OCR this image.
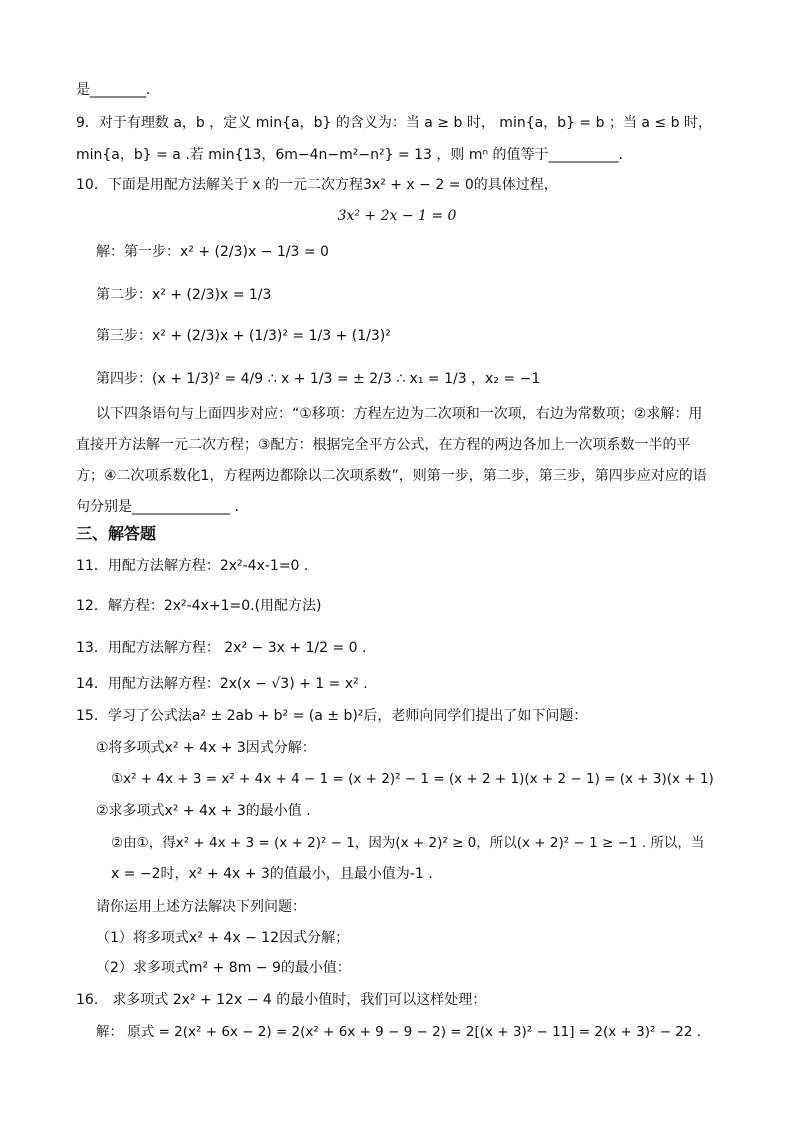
是________．
9．对于有理数 a，b ，定义 min{a，b} 的含义为：当 a ≥ b 时， min{a，b} = b ；当 a ≤ b 时，
min{a，b} = a .若 min{13，6m−4n−m²−n²} = 13 ，则 mⁿ 的值等于__________.
10．下面是用配方法解关于 x 的一元二次方程3x² + x − 2 = 0的具体过程，
3x² + 2x − 1 = 0
解：第一步：x² + (2/3)x − 1/3 = 0
第二步：x² + (2/3)x = 1/3
第三步：x² + (2/3)x + (1/3)² = 1/3 + (1/3)²
第四步：(x + 1/3)² = 4/9 ∴ x + 1/3 = ± 2/3 ∴ x₁ = 1/3 ，x₂ = −1
以下四条语句与上面四步对应：“①移项：方程左边为二次项和一次项，右边为常数项；②求解：用
直接开方法解一元二次方程；③配方：根据完全平方公式，在方程的两边各加上一次项系数一半的平
方；④二次项系数化1，方程两边都除以二次项系数”，则第一步，第二步，第三步，第四步应对应的语
句分别是______________ .
三、解答题
11．用配方法解方程：2x²-4x-1=0 .
12．解方程：2x²-4x+1=0.(用配方法)
13．用配方法解方程： 2x² − 3x + 1/2 = 0 .
14．用配方法解方程：2x(x − √3) + 1 = x² .
15．学习了公式法a² ± 2ab + b² = (a ± b)²后，老师向同学们提出了如下问题：
①将多项式x² + 4x + 3因式分解：
①x² + 4x + 3 = x² + 4x + 4 − 1 = (x + 2)² − 1 = (x + 2 + 1)(x + 2 − 1) = (x + 3)(x + 1)
②求多项式x² + 4x + 3的最小值 .
②由①，得x² + 4x + 3 = (x + 2)² − 1，因为(x + 2)² ≥ 0，所以(x + 2)² − 1 ≥ −1 . 所以，当
x = −2时，x² + 4x + 3的值最小，且最小值为-1 .
请你运用上述方法解决下列问题：
（1）将多项式x² + 4x − 12因式分解；
（2）求多项式m² + 8m − 9的最小值：
16． 求多项式 2x² + 12x − 4 的最小值时，我们可以这样处理：
解： 原式 = 2(x² + 6x − 2) = 2(x² + 6x + 9 − 9 − 2) = 2[(x + 3)² − 11] = 2(x + 3)² − 22 .
